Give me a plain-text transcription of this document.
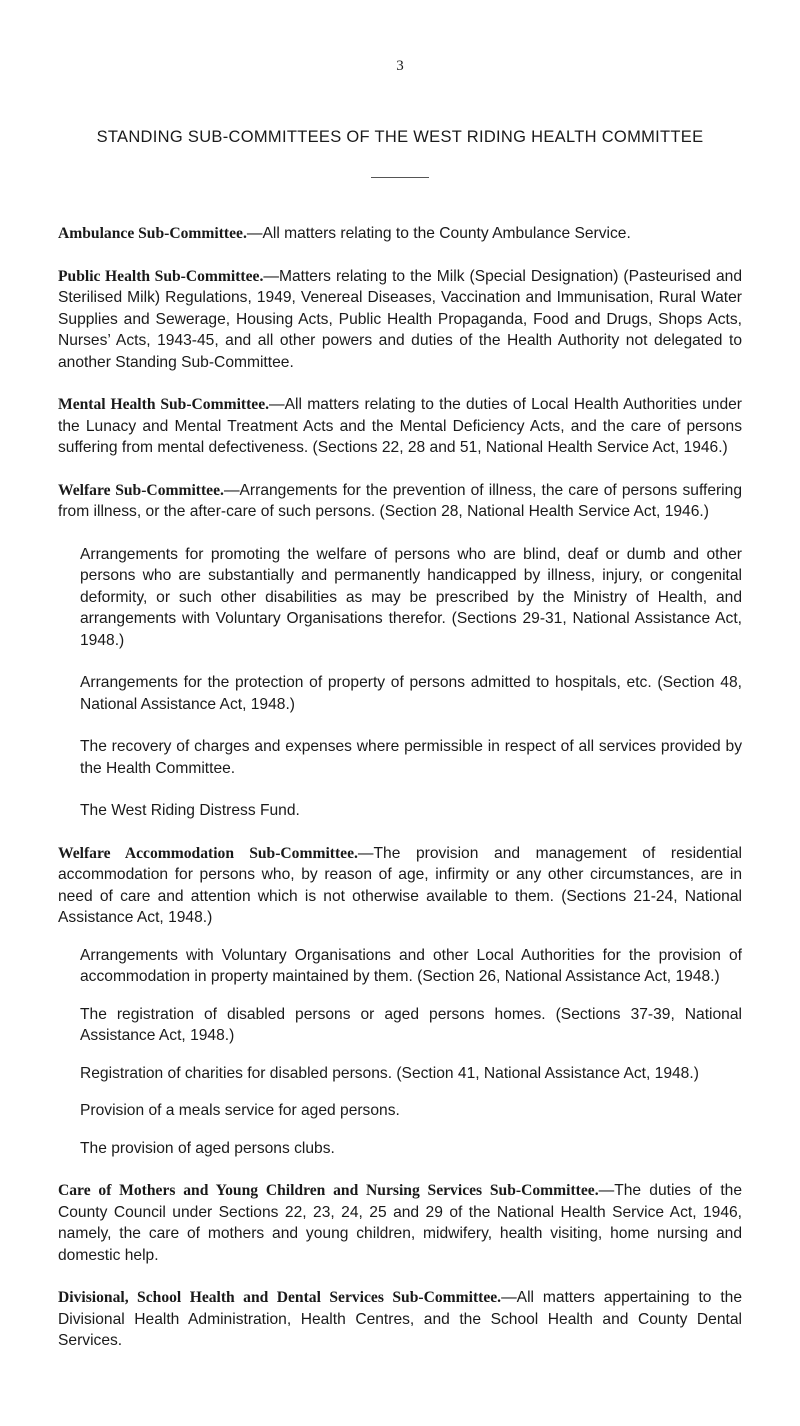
3
STANDING SUB-COMMITTEES OF THE WEST RIDING HEALTH COMMITTEE

Ambulance Sub-Committee.—All matters relating to the County Ambulance Service.

Public Health Sub-Committee.—Matters relating to the Milk (Special Designation) (Pasteurised and Sterilised Milk) Regulations, 1949, Venereal Diseases, Vaccination and Immunisation, Rural Water Supplies and Sewerage, Housing Acts, Public Health Propaganda, Food and Drugs, Shops Acts, Nurses’ Acts, 1943-45, and all other powers and duties of the Health Authority not delegated to another Standing Sub-Committee.

Mental Health Sub-Committee.—All matters relating to the duties of Local Health Authorities under the Lunacy and Mental Treatment Acts and the Mental Deficiency Acts, and the care of persons suffering from mental defectiveness. (Sections 22, 28 and 51, National Health Service Act, 1946.)

Welfare Sub-Committee.—Arrangements for the prevention of illness, the care of persons suffering from illness, or the after-care of such persons. (Section 28, National Health Service Act, 1946.)

Arrangements for promoting the welfare of persons who are blind, deaf or dumb and other persons who are substantially and permanently handicapped by illness, injury, or congenital deformity, or such other disabilities as may be prescribed by the Ministry of Health, and arrangements with Voluntary Organisations therefor. (Sections 29-31, National Assistance Act, 1948.)

Arrangements for the protection of property of persons admitted to hospitals, etc. (Section 48, National Assistance Act, 1948.)

The recovery of charges and expenses where permissible in respect of all services provided by the Health Committee.

The West Riding Distress Fund.

Welfare Accommodation Sub-Committee.—The provision and management of residential accommodation for persons who, by reason of age, infirmity or any other circumstances, are in need of care and attention which is not otherwise available to them. (Sections 21-24, National Assistance Act, 1948.)

Arrangements with Voluntary Organisations and other Local Authorities for the provision of accommodation in property maintained by them. (Section 26, National Assistance Act, 1948.)

The registration of disabled persons or aged persons homes. (Sections 37-39, National Assistance Act, 1948.)

Registration of charities for disabled persons. (Section 41, National Assistance Act, 1948.)

Provision of a meals service for aged persons.

The provision of aged persons clubs.

Care of Mothers and Young Children and Nursing Services Sub-Committee.—The duties of the County Council under Sections 22, 23, 24, 25 and 29 of the National Health Service Act, 1946, namely, the care of mothers and young children, midwifery, health visiting, home nursing and domestic help.

Divisional, School Health and Dental Services Sub-Committee.—All matters appertaining to the Divisional Health Administration, Health Centres, and the School Health and County Dental Services.
